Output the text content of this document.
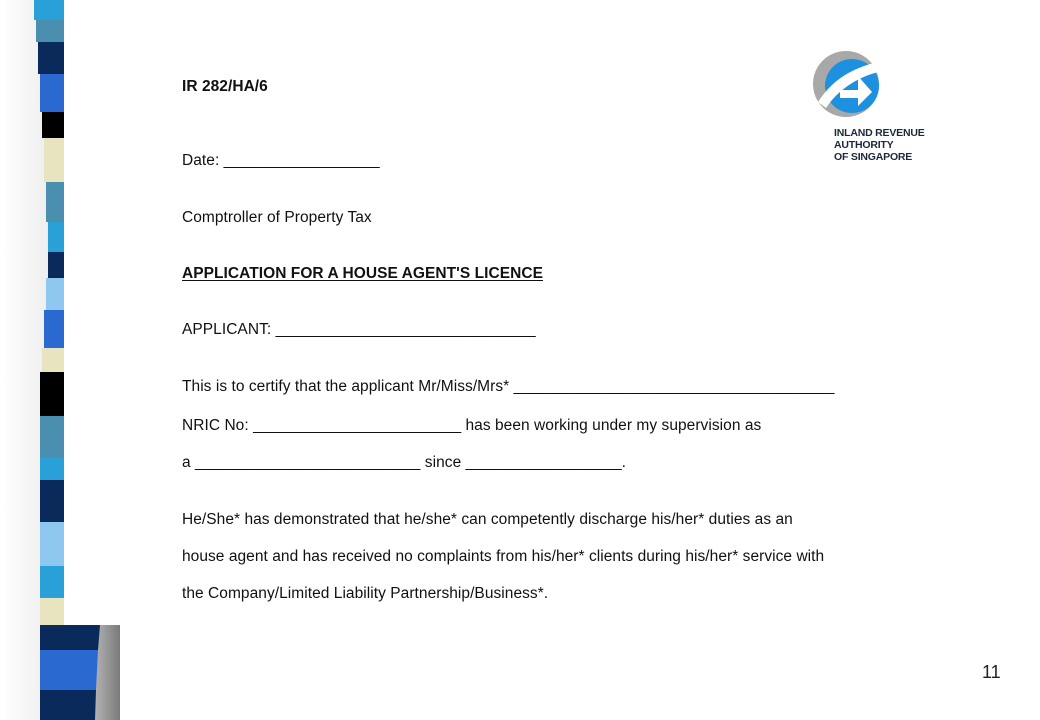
IR 282/HA/6
Date: __________________
Comptroller of Property Tax
APPLICATION FOR A HOUSE AGENT'S LICENCE
APPLICANT: ______________________________
This is to certify that the applicant Mr/Miss/Mrs* _____________________________________
NRIC No: ________________________ has been working under my supervision as
a __________________________ since __________________.
He/She* has demonstrated that he/she* can competently discharge his/her* duties as an
house agent and has received no complaints from his/her* clients during his/her* service with
the Company/Limited Liability Partnership/Business*.
INLAND REVENUE
AUTHORITY
OF SINGAPORE
11
